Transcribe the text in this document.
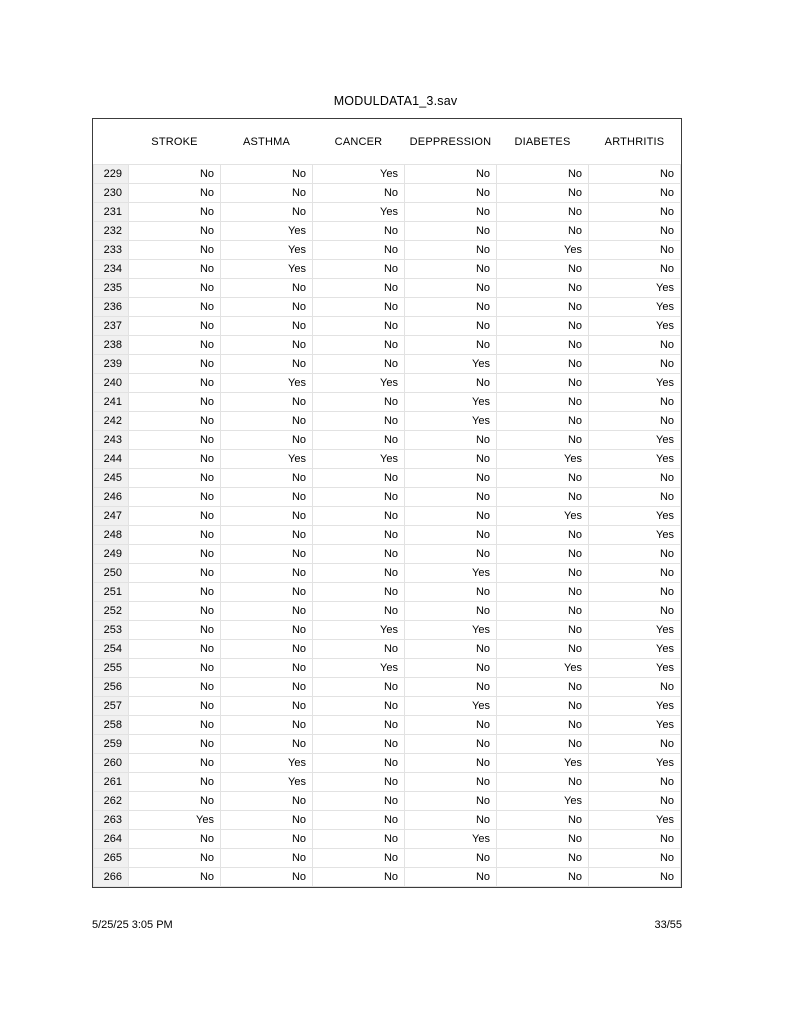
MODULDATA1_3.sav
	STROKE	ASTHMA	CANCER	DEPPRESSION	DIABETES	ARTHRITIS
229	No	No	Yes	No	No	No
230	No	No	No	No	No	No
231	No	No	Yes	No	No	No
232	No	Yes	No	No	No	No
233	No	Yes	No	No	Yes	No
234	No	Yes	No	No	No	No
235	No	No	No	No	No	Yes
236	No	No	No	No	No	Yes
237	No	No	No	No	No	Yes
238	No	No	No	No	No	No
239	No	No	No	Yes	No	No
240	No	Yes	Yes	No	No	Yes
241	No	No	No	Yes	No	No
242	No	No	No	Yes	No	No
243	No	No	No	No	No	Yes
244	No	Yes	Yes	No	Yes	Yes
245	No	No	No	No	No	No
246	No	No	No	No	No	No
247	No	No	No	No	Yes	Yes
248	No	No	No	No	No	Yes
249	No	No	No	No	No	No
250	No	No	No	Yes	No	No
251	No	No	No	No	No	No
252	No	No	No	No	No	No
253	No	No	Yes	Yes	No	Yes
254	No	No	No	No	No	Yes
255	No	No	Yes	No	Yes	Yes
256	No	No	No	No	No	No
257	No	No	No	Yes	No	Yes
258	No	No	No	No	No	Yes
259	No	No	No	No	No	No
260	No	Yes	No	No	Yes	Yes
261	No	Yes	No	No	No	No
262	No	No	No	No	Yes	No
263	Yes	No	No	No	No	Yes
264	No	No	No	Yes	No	No
265	No	No	No	No	No	No
266	No	No	No	No	No	No
5/25/25 3:05 PM	33/55
